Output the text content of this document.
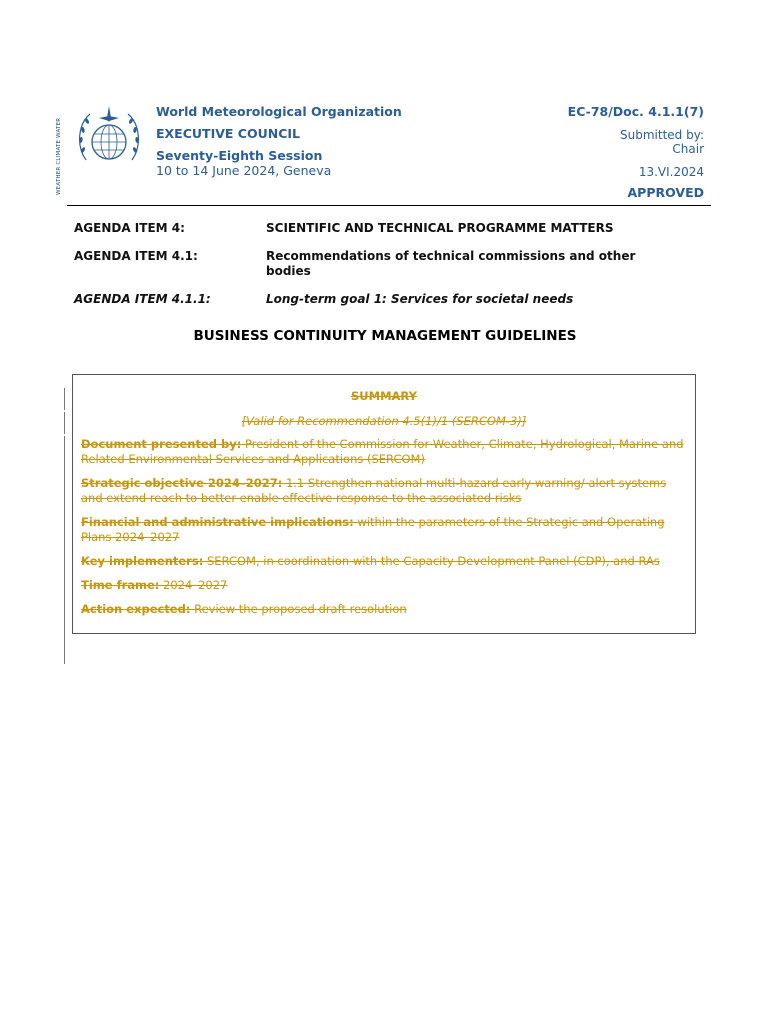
WEATHER CLIMATE WATER
World Meteorological Organization
EXECUTIVE COUNCIL
Seventy-Eighth Session
10 to 14 June 2024, Geneva
EC-78/Doc. 4.1.1(7)
Submitted by:
Chair
13.VI.2024
APPROVED
AGENDA ITEM 4:	SCIENTIFIC AND TECHNICAL PROGRAMME MATTERS
AGENDA ITEM 4.1:	Recommendations of technical commissions and other bodies
AGENDA ITEM 4.1.1:	Long-term goal 1: Services for societal needs
BUSINESS CONTINUITY MANAGEMENT GUIDELINES

SUMMARY

[Valid for Recommendation 4.5(1)/1 (SERCOM-3)]

Document presented by: President of the Commission for Weather, Climate, Hydrological, Marine and Related Environmental Services and Applications (SERCOM)

Strategic objective 2024–2027: 1.1 Strengthen national multi-hazard early warning/ alert systems and extend reach to better enable effective response to the associated risks

Financial and administrative implications: within the parameters of the Strategic and Operating Plans 2024–2027

Key implementers: SERCOM, in coordination with the Capacity Development Panel (CDP), and RAs

Time frame: 2024–2027

Action expected: Review the proposed draft resolution
